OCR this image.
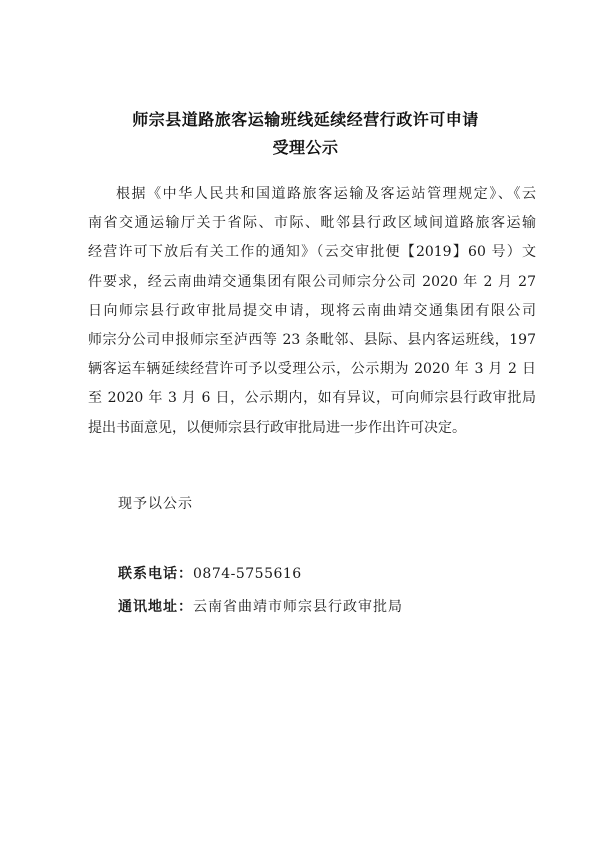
师宗县道路旅客运输班线延续经营行政许可申请
受理公示
根据《中华人民共和国道路旅客运输及客运站管理规定》、《云
南省交通运输厅关于省际、市际、毗邻县行政区域间道路旅客运输
经营许可下放后有关工作的通知》（云交审批便【2019】60 号）文
件要求，经云南曲靖交通集团有限公司师宗分公司 2020 年 2 月 27
日向师宗县行政审批局提交申请，现将云南曲靖交通集团有限公司
师宗分公司申报师宗至泸西等 23 条毗邻、县际、县内客运班线，197
辆客运车辆延续经营许可予以受理公示，公示期为 2020 年 3 月 2 日
至 2020 年 3 月 6 日，公示期内，如有异议，可向师宗县行政审批局
提出书面意见，以便师宗县行政审批局进一步作出许可决定。
现予以公示
联系电话：0874-5755616
通讯地址：云南省曲靖市师宗县行政审批局
